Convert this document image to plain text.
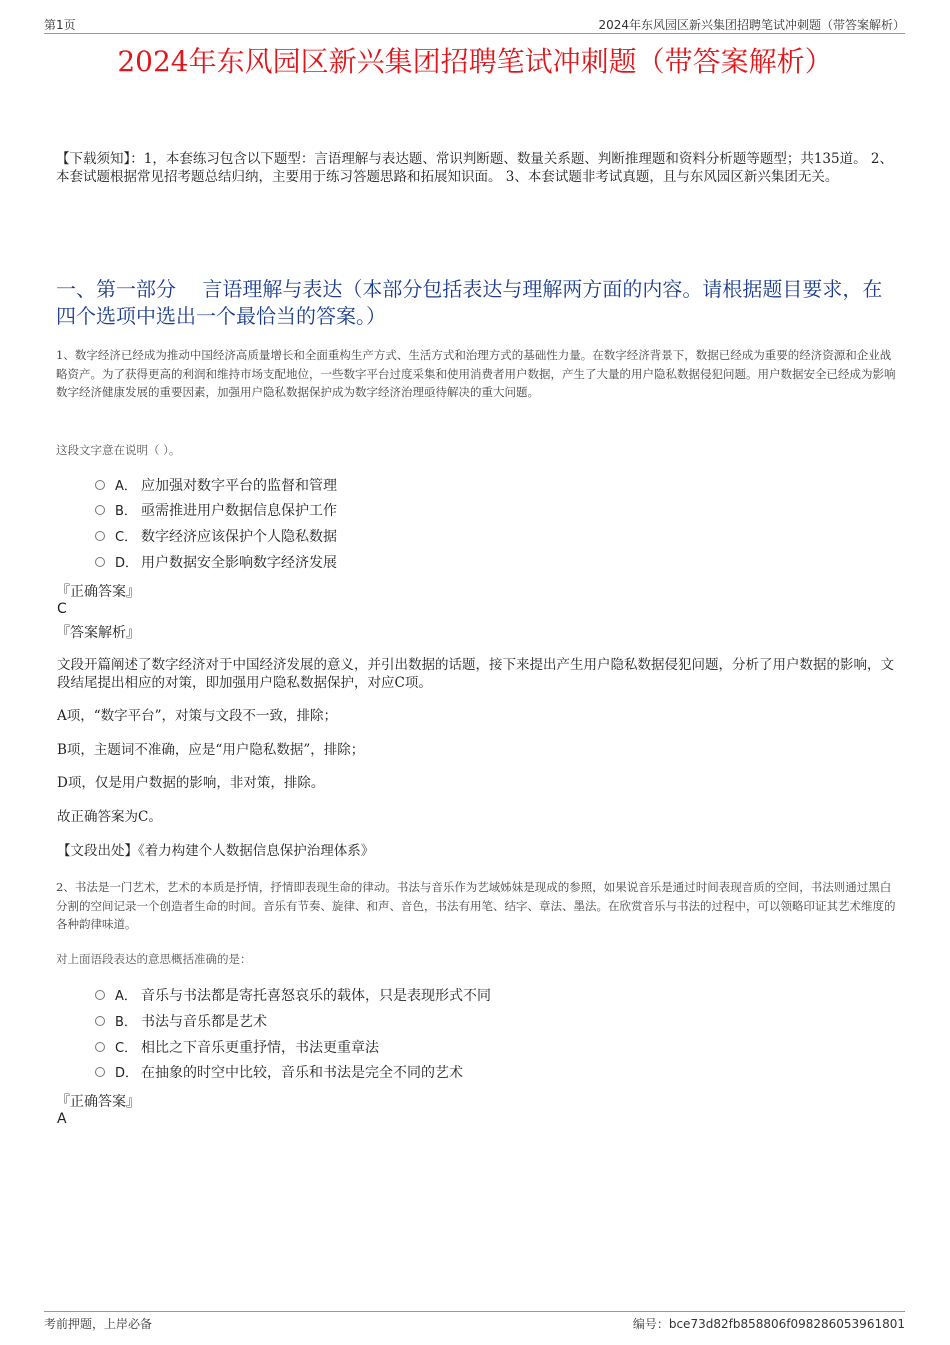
第1页	2024年东风园区新兴集团招聘笔试冲刺题（带答案解析）
2024年东风园区新兴集团招聘笔试冲刺题（带答案解析）
【下载须知】：1，本套练习包含以下题型：言语理解与表达题、常识判断题、数量关系题、判断推理题和资料分析题等题型；共135道。 2、本套试题根据常见招考题总结归纳，主要用于练习答题思路和拓展知识面。 3、本套试题非考试真题，且与东风园区新兴集团无关。
一、第一部分　 言语理解与表达（本部分包括表达与理解两方面的内容。请根据题目要求，在四个选项中选出一个最恰当的答案。）
1、数字经济已经成为推动中国经济高质量增长和全面重构生产方式、生活方式和治理方式的基础性力量。在数字经济背景下，数据已经成为重要的经济资源和企业战略资产。为了获得更高的利润和维持市场支配地位，一些数字平台过度采集和使用消费者用户数据，产生了大量的用户隐私数据侵犯问题。用户数据安全已经成为影响数字经济健康发展的重要因素，加强用户隐私数据保护成为数字经济治理亟待解决的重大问题。
这段文字意在说明（ ）。
A． 应加强对数字平台的监督和管理
B． 亟需推进用户数据信息保护工作
C． 数字经济应该保护个人隐私数据
D． 用户数据安全影响数字经济发展
『正确答案』
C
『答案解析』
文段开篇阐述了数字经济对于中国经济发展的意义，并引出数据的话题，接下来提出产生用户隐私数据侵犯问题，分析了用户数据的影响，文段结尾提出相应的对策，即加强用户隐私数据保护，对应C项。
A项，“数字平台”，对策与文段不一致，排除；
B项，主题词不准确，应是“用户隐私数据”，排除；
D项，仅是用户数据的影响，非对策，排除。
故正确答案为C。
【文段出处】《着力构建个人数据信息保护治理体系》
2、书法是一门艺术，艺术的本质是抒情，抒情即表现生命的律动。书法与音乐作为艺域姊妹是现成的参照，如果说音乐是通过时间表现音质的空间，书法则通过黑白分割的空间记录一个创造者生命的时间。音乐有节奏、旋律、和声、音色，书法有用笔、结字、章法、墨法。在欣赏音乐与书法的过程中，可以领略印证其艺术维度的各种韵律味道。
对上面语段表达的意思概括准确的是：
A． 音乐与书法都是寄托喜怒哀乐的载体，只是表现形式不同
B． 书法与音乐都是艺术
C． 相比之下音乐更重抒情，书法更重章法
D． 在抽象的时空中比较，音乐和书法是完全不同的艺术
『正确答案』
A
考前押题，上岸必备	编号：bce73d82fb858806f098286053961801
